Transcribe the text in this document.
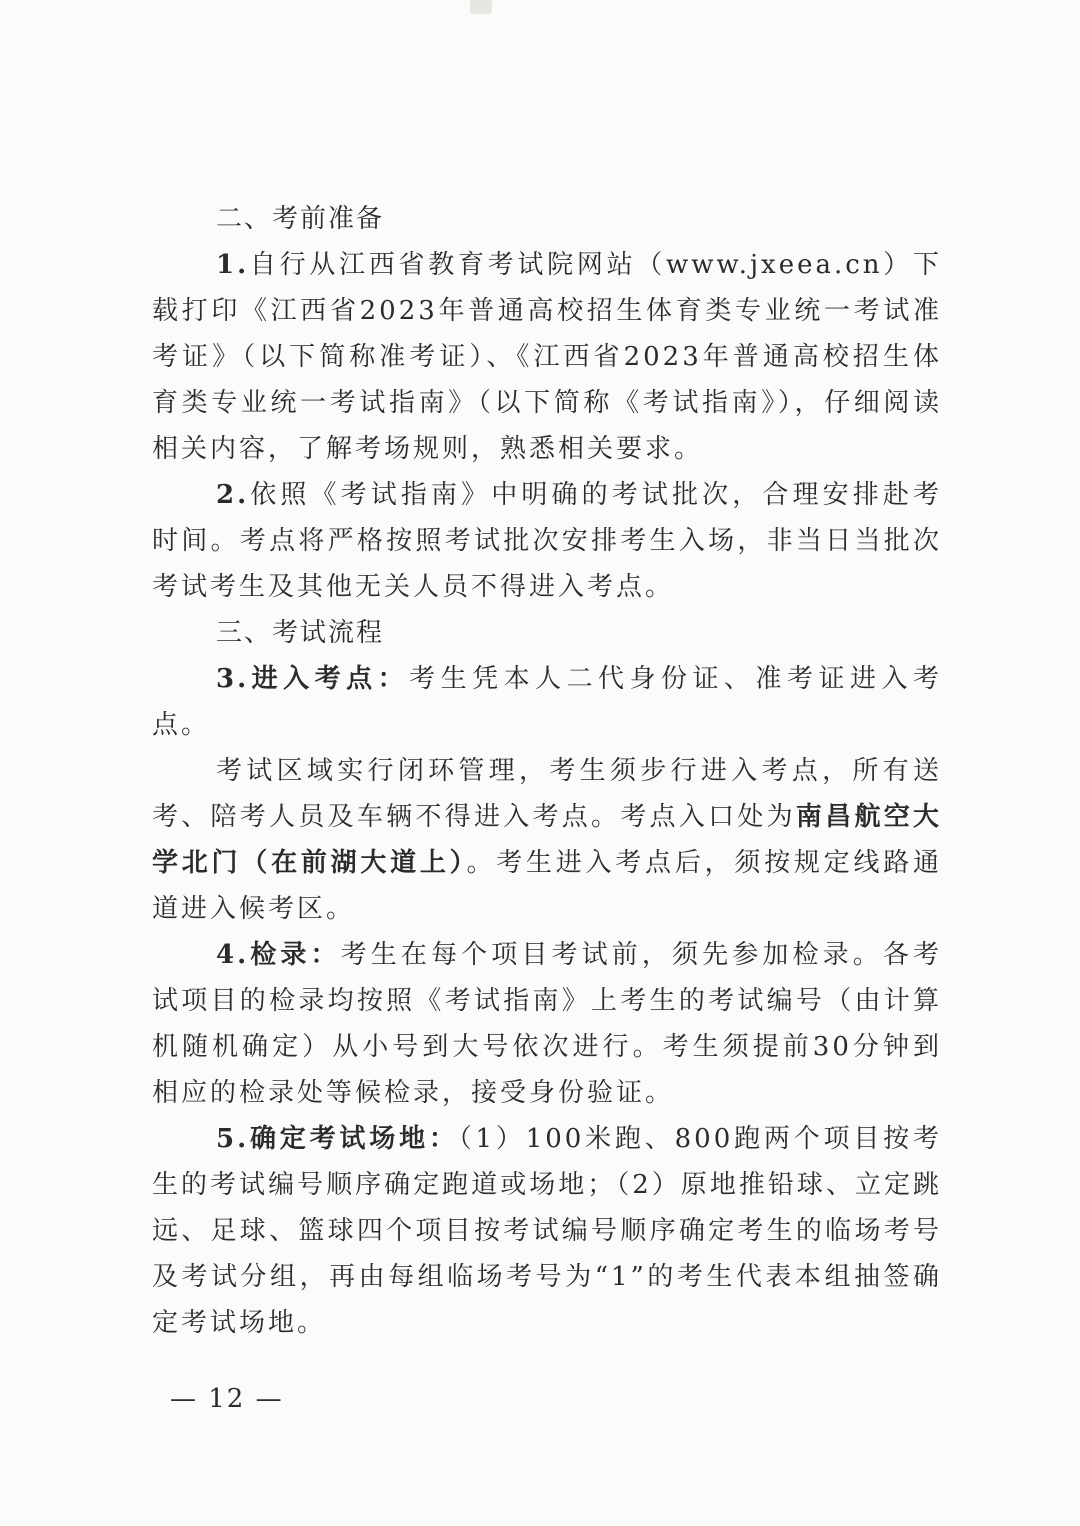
二、考前准备

1.自行从江西省教育考试院网站（www.jxeea.cn）下载打印《江西省2023年普通高校招生体育类专业统一考试准考证》（以下简称准考证）、《江西省2023年普通高校招生体育类专业统一考试指南》（以下简称《考试指南》），仔细阅读相关内容，了解考场规则，熟悉相关要求。

2.依照《考试指南》中明确的考试批次，合理安排赴考时间。考点将严格按照考试批次安排考生入场，非当日当批次考试考生及其他无关人员不得进入考点。

三、考试流程

3.进入考点：考生凭本人二代身份证、准考证进入考点。

考试区域实行闭环管理，考生须步行进入考点，所有送考、陪考人员及车辆不得进入考点。考点入口处为南昌航空大学北门（在前湖大道上）。考生进入考点后，须按规定线路通道进入候考区。

4.检录：考生在每个项目考试前，须先参加检录。各考试项目的检录均按照《考试指南》上考生的考试编号（由计算机随机确定）从小号到大号依次进行。考生须提前30分钟到相应的检录处等候检录，接受身份验证。

5.确定考试场地：（1）100米跑、800跑两个项目按考生的考试编号顺序确定跑道或场地；（2）原地推铅球、立定跳远、足球、篮球四个项目按考试编号顺序确定考生的临场考号及考试分组，再由每组临场考号为“1”的考生代表本组抽签确定考试场地。

— 12 —
